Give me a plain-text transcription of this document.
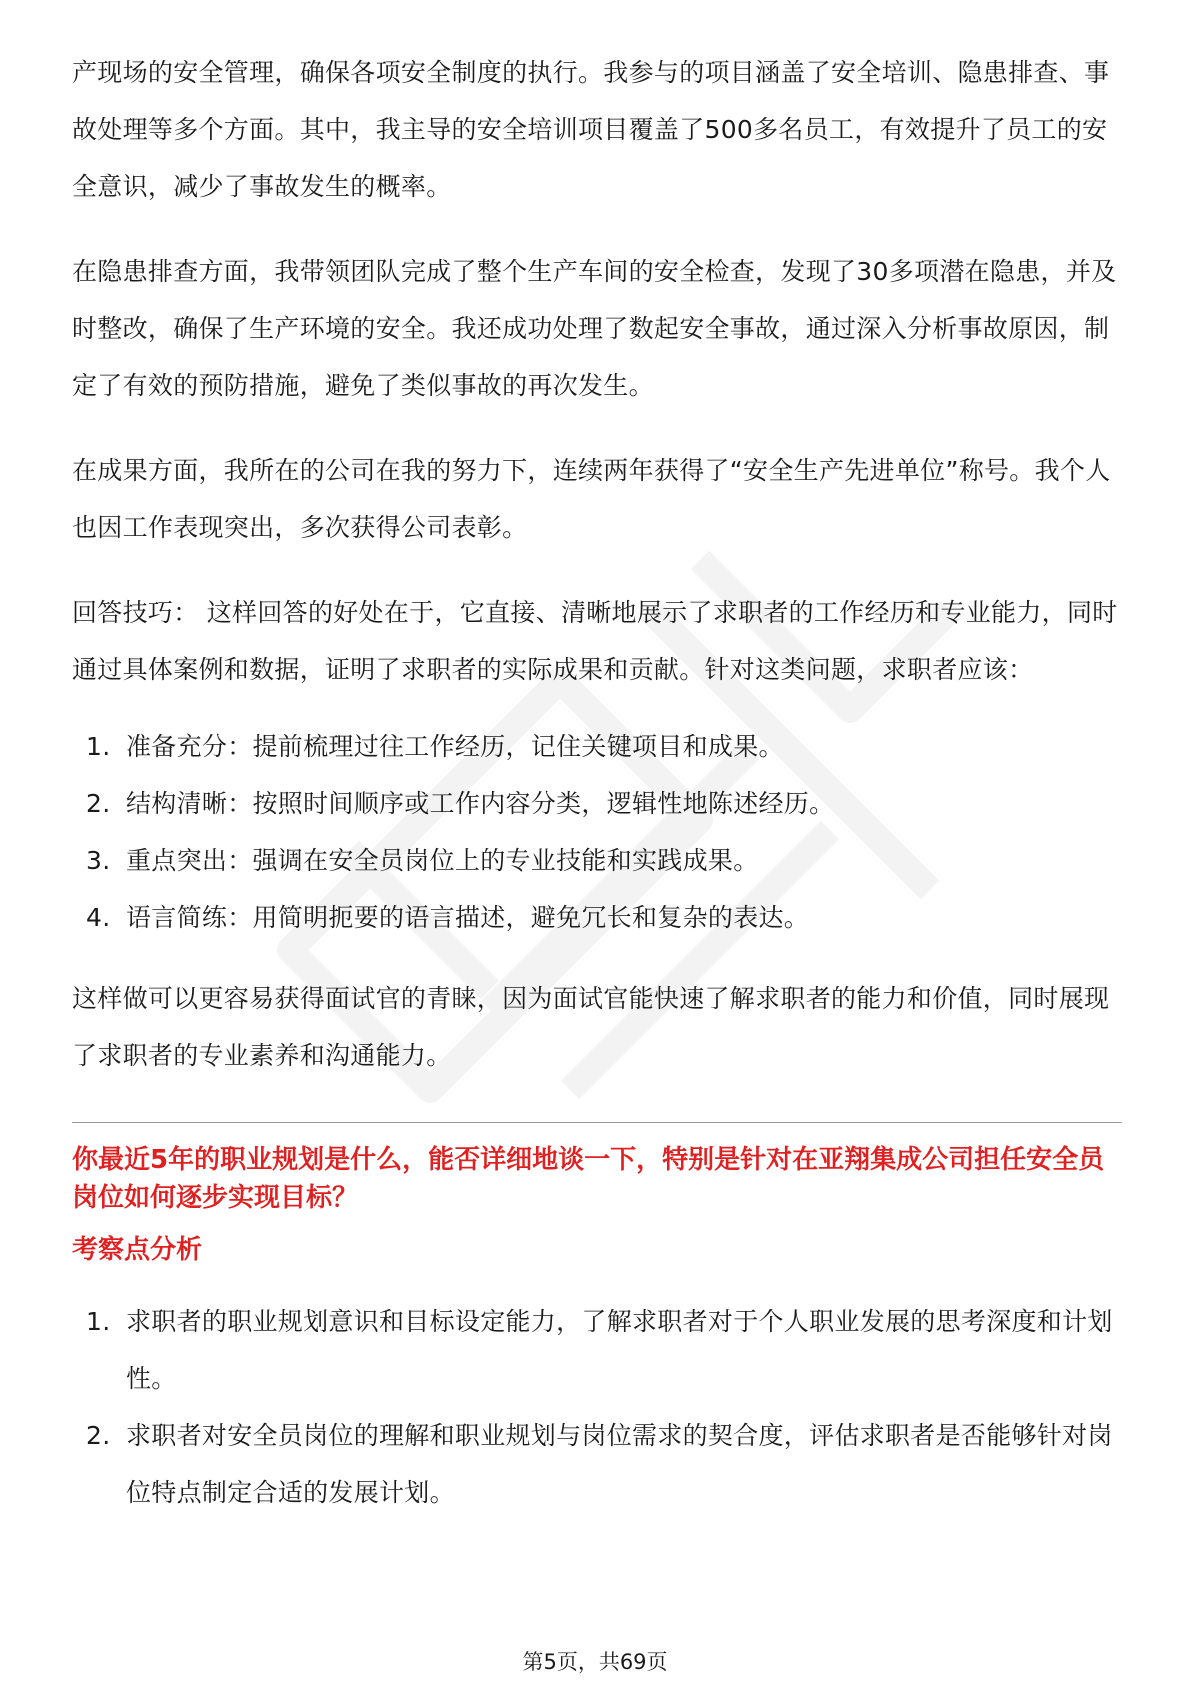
产现场的安全管理，确保各项安全制度的执行。我参与的项目涵盖了安全培训、隐患排查、事故处理等多个方面。其中，我主导的安全培训项目覆盖了500多名员工，有效提升了员工的安全意识，减少了事故发生的概率。

在隐患排查方面，我带领团队完成了整个生产车间的安全检查，发现了30多项潜在隐患，并及时整改，确保了生产环境的安全。我还成功处理了数起安全事故，通过深入分析事故原因，制定了有效的预防措施，避免了类似事故的再次发生。

在成果方面，我所在的公司在我的努力下，连续两年获得了“安全生产先进单位”称号。我个人也因工作表现突出，多次获得公司表彰。

回答技巧： 这样回答的好处在于，它直接、清晰地展示了求职者的工作经历和专业能力，同时通过具体案例和数据，证明了求职者的实际成果和贡献。针对这类问题，求职者应该：

1. 准备充分：提前梳理过往工作经历，记住关键项目和成果。
2. 结构清晰：按照时间顺序或工作内容分类，逻辑性地陈述经历。
3. 重点突出：强调在安全员岗位上的专业技能和实践成果。
4. 语言简练：用简明扼要的语言描述，避免冗长和复杂的表达。

这样做可以更容易获得面试官的青睐，因为面试官能快速了解求职者的能力和价值，同时展现了求职者的专业素养和沟通能力。

你最近5年的职业规划是什么，能否详细地谈一下，特别是针对在亚翔集成公司担任安全员岗位如何逐步实现目标？
考察点分析
1. 求职者的职业规划意识和目标设定能力，了解求职者对于个人职业发展的思考深度和计划性。
2. 求职者对安全员岗位的理解和职业规划与岗位需求的契合度，评估求职者是否能够针对岗位特点制定合适的发展计划。
第5页，共69页
